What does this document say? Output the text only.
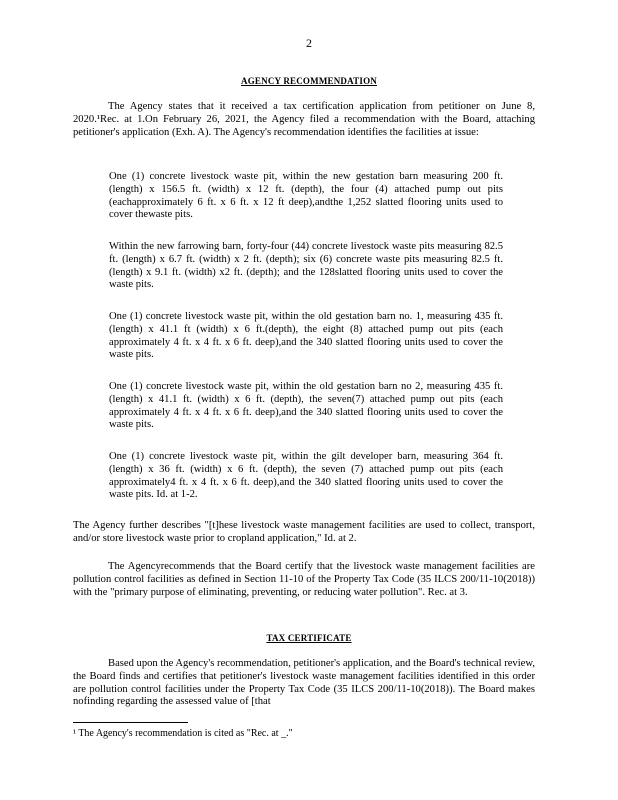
2
AGENCY RECOMMENDATION

The Agency states that it received a tax certification application from petitioner on June 8, 2020.¹Rec. at 1.On February 26, 2021, the Agency filed a recommendation with the Board, attaching petitioner's application (Exh. A). The Agency's recommendation identifies the facilities at issue:

One (1) concrete livestock waste pit, within the new gestation barn measuring 200 ft. (length) x 156.5 ft. (width) x 12 ft. (depth), the four (4) attached pump out pits (eachapproximately 6 ft. x 6 ft. x 12 ft deep),andthe 1,252 slatted flooring units used to cover thewaste pits.

Within the new farrowing barn, forty-four (44) concrete livestock waste pits measuring 82.5 ft. (length) x 6.7 ft. (width) x 2 ft. (depth); six (6) concrete waste pits measuring 82.5 ft. (length) x 9.1 ft. (width) x2 ft. (depth); and the 128slatted flooring units used to cover the waste pits.

One (1) concrete livestock waste pit, within the old gestation barn no. 1, measuring 435 ft. (length) x 41.1 ft (width) x 6 ft.(depth), the eight (8) attached pump out pits (each approximately 4 ft. x 4 ft. x 6 ft. deep),and the 340 slatted flooring units used to cover the waste pits.

One (1) concrete livestock waste pit, within the old gestation barn no 2, measuring 435 ft. (length) x 41.1 ft. (width) x 6 ft. (depth), the seven(7) attached pump out pits (each approximately 4 ft. x 4 ft. x 6 ft. deep),and the 340 slatted flooring units used to cover the waste pits.

One (1) concrete livestock waste pit, within the gilt developer barn, measuring 364 ft. (length) x 36 ft. (width) x 6 ft. (depth), the seven (7) attached pump out pits (each approximately4 ft. x 4 ft. x 6 ft. deep),and the 340 slatted flooring units used to cover the waste pits. Id. at 1-2.

The Agency further describes "[t]hese livestock waste management facilities are used to collect, transport, and/or store livestock waste prior to cropland application," Id. at 2.

The Agencyrecommends that the Board certify that the livestock waste management facilities are pollution control facilities as defined in Section 11-10 of the Property Tax Code (35 ILCS 200/11-10(2018)) with the "primary purpose of eliminating, preventing, or reducing water pollution". Rec. at 3.

TAX CERTIFICATE

Based upon the Agency's recommendation, petitioner's application, and the Board's technical review, the Board finds and certifies that petitioner's livestock waste management facilities identified in this order are pollution control facilities under the Property Tax Code (35 ILCS 200/11-10(2018)). The Board makes nofinding regarding the assessed value of [that

¹ The Agency's recommendation is cited as "Rec. at _."
